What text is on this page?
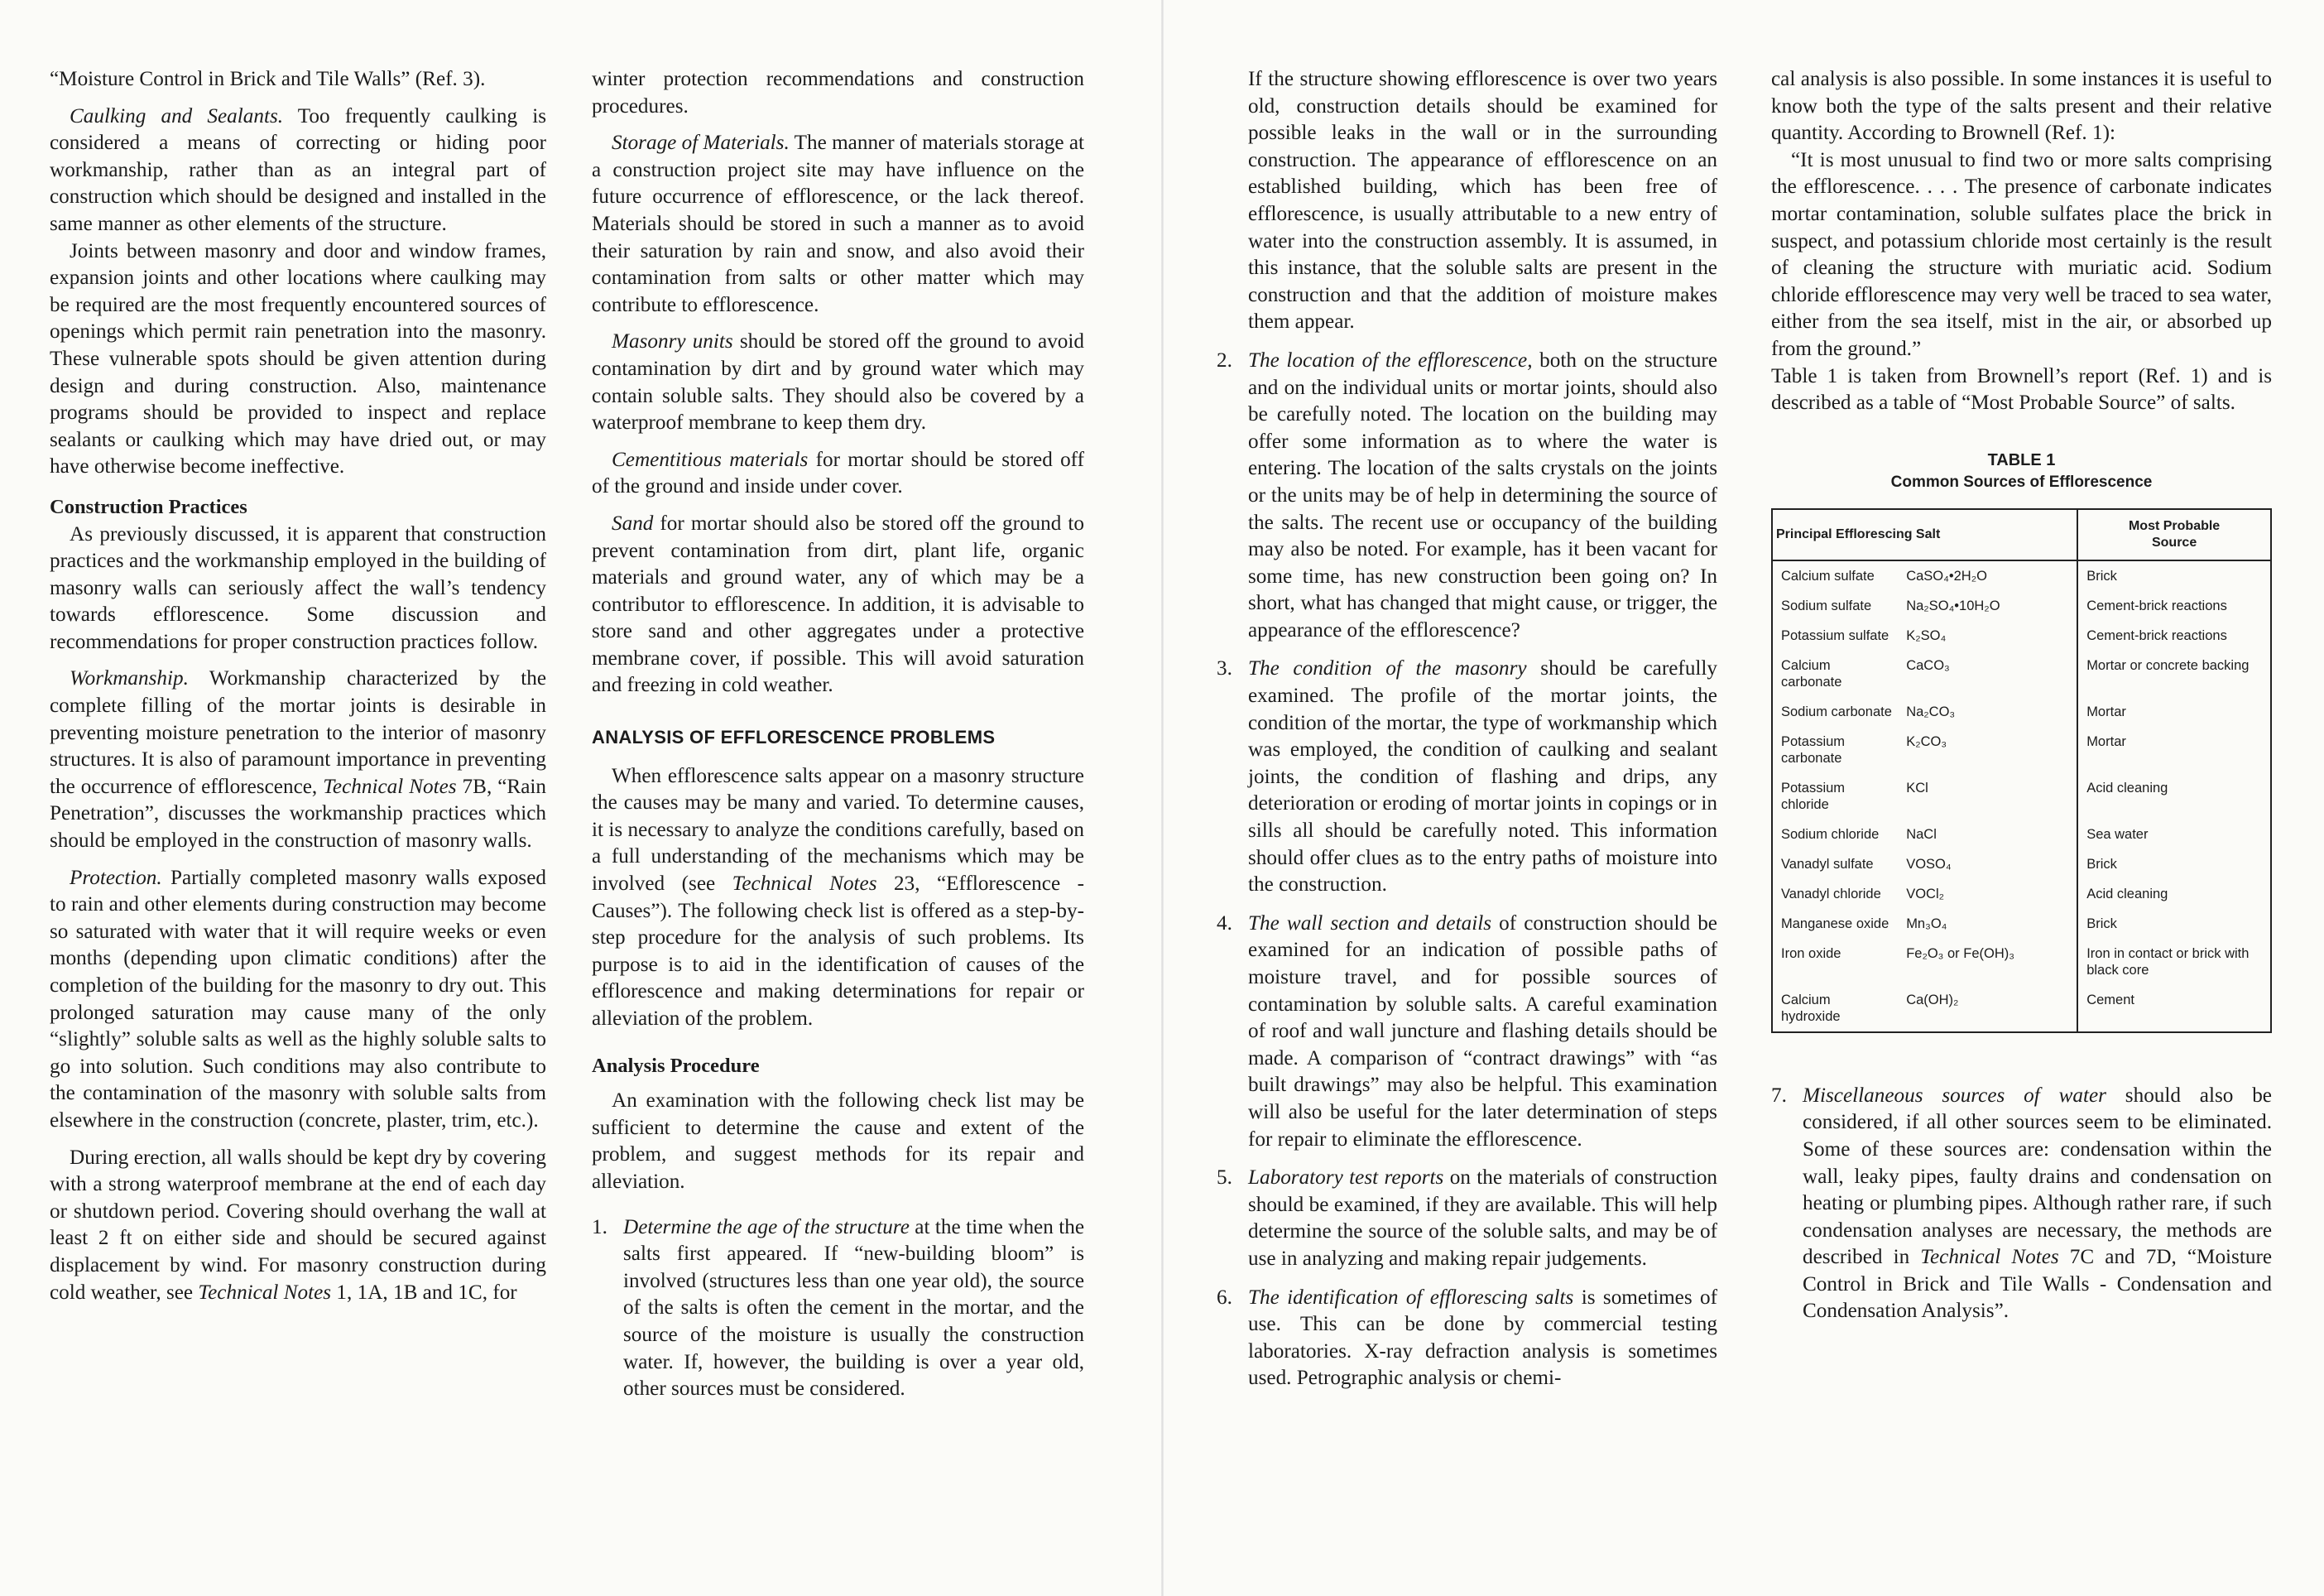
“Moisture Control in Brick and Tile Walls” (Ref. 3).

Caulking and Sealants. Too frequently caulking is considered a means of correcting or hiding poor workmanship, rather than as an integral part of construction which should be designed and installed in the same manner as other elements of the structure.

Joints between masonry and door and window frames, expansion joints and other locations where caulking may be required are the most frequently encountered sources of openings which permit rain penetration into the masonry. These vulnerable spots should be given attention during design and during construction. Also, maintenance programs should be provided to inspect and replace sealants or caulking which may have dried out, or may have otherwise become ineffective.

Construction Practices

As previously discussed, it is apparent that construction practices and the workmanship employed in the building of masonry walls can seriously affect the wall’s tendency towards efflorescence. Some discussion and recommendations for proper construction practices follow.

Workmanship. Workmanship characterized by the complete filling of the mortar joints is desirable in preventing moisture penetration to the interior of masonry structures. It is also of paramount importance in preventing the occurrence of efflorescence, Technical Notes 7B, “Rain Penetration”, discusses the workmanship practices which should be employed in the construction of masonry walls.

Protection. Partially completed masonry walls exposed to rain and other elements during construction may become so saturated with water that it will require weeks or even months (depending upon climatic conditions) after the completion of the building for the masonry to dry out. This prolonged saturation may cause many of the only “slightly” soluble salts as well as the highly soluble salts to go into solution. Such conditions may also contribute to the contamination of the masonry with soluble salts from elsewhere in the construction (concrete, plaster, trim, etc.).

During erection, all walls should be kept dry by covering with a strong waterproof membrane at the end of each day or shutdown period. Covering should overhang the wall at least 2 ft on either side and should be secured against displacement by wind. For masonry construction during cold weather, see Technical Notes 1, 1A, 1B and 1C, for

winter protection recommendations and construction procedures.

Storage of Materials. The manner of materials storage at a construction project site may have influence on the future occurrence of efflorescence, or the lack thereof. Materials should be stored in such a manner as to avoid their saturation by rain and snow, and also avoid their contamination from salts or other matter which may contribute to efflorescence.

Masonry units should be stored off the ground to avoid contamination by dirt and by ground water which may contain soluble salts. They should also be covered by a waterproof membrane to keep them dry.

Cementitious materials for mortar should be stored off of the ground and inside under cover.

Sand for mortar should also be stored off the ground to prevent contamination from dirt, plant life, organic materials and ground water, any of which may be a contributor to efflorescence. In addition, it is advisable to store sand and other aggregates under a protective membrane cover, if possible. This will avoid saturation and freezing in cold weather.

ANALYSIS OF EFFLORESCENCE PROBLEMS

When efflorescence salts appear on a masonry structure the causes may be many and varied. To determine causes, it is necessary to analyze the conditions carefully, based on a full understanding of the mechanisms which may be involved (see Technical Notes 23, “Efflorescence - Causes”). The following check list is offered as a step-by-step procedure for the analysis of such problems. Its purpose is to aid in the identification of causes of the efflorescence and making determinations for repair or alleviation of the problem.

Analysis Procedure

An examination with the following check list may be sufficient to determine the cause and extent of the problem, and suggest methods for its repair and alleviation.

1. Determine the age of the structure at the time when the salts first appeared. If “new-building bloom” is involved (structures less than one year old), the source of the salts is often the cement in the mortar, and the source of the moisture is usually the construction water. If, however, the building is over a year old, other sources must be considered.

If the structure showing efflorescence is over two years old, construction details should be examined for possible leaks in the wall or in the surrounding construction. The appearance of efflorescence on an established building, which has been free of efflorescence, is usually attributable to a new entry of water into the construction assembly. It is assumed, in this instance, that the soluble salts are present in the construction and that the addition of moisture makes them appear.

2. The location of the efflorescence, both on the structure and on the individual units or mortar joints, should also be carefully noted. The location on the building may offer some information as to where the water is entering. The location of the salts crystals on the joints or the units may be of help in determining the source of the salts. The recent use or occupancy of the building may also be noted. For example, has it been vacant for some time, has new construction been going on? In short, what has changed that might cause, or trigger, the appearance of the efflorescence?
3. The condition of the masonry should be carefully examined. The profile of the mortar joints, the condition of the mortar, the type of workmanship which was employed, the condition of caulking and sealant joints, the condition of flashing and drips, any deterioration or eroding of mortar joints in copings or in sills all should be carefully noted. This information should offer clues as to the entry paths of moisture into the construction.
4. The wall section and details of construction should be examined for an indication of possible paths of moisture travel, and for possible sources of contamination by soluble salts. A careful examination of roof and wall juncture and flashing details should be made. A comparison of “contract drawings” with “as built drawings” may also be helpful. This examination will also be useful for the later determination of steps for repair to eliminate the efflorescence.
5. Laboratory test reports on the materials of construction should be examined, if they are available. This will help determine the source of the soluble salts, and may be of use in analyzing and making repair judgements.
6. The identification of efflorescing salts is sometimes of use. This can be done by commercial testing laboratories. X-ray defraction analysis is sometimes used. Petrographic analysis or chemi-

cal analysis is also possible. In some instances it is useful to know both the type of the salts present and their relative quantity. According to Brownell (Ref. 1):

“It is most unusual to find two or more salts comprising the efflorescence. . . . The presence of carbonate indicates mortar contamination, soluble sulfates place the brick in suspect, and potassium chloride most certainly is the result of cleaning the structure with muriatic acid. Sodium chloride efflorescence may very well be traced to sea water, either from the sea itself, mist in the air, or absorbed up from the ground.”

Table 1 is taken from Brownell’s report (Ref. 1) and is described as a table of “Most Probable Source” of salts.

TABLE 1

Common Sources of Efflorescence

Principal Efflorescing Salt		Most Probable
Source
Calcium sulfate	CaSO₄•2H₂O	Brick
Sodium sulfate	Na₂SO₄•10H₂O	Cement-brick reactions
Potassium sulfate	K₂SO₄	Cement-brick reactions
Calcium carbonate	CaCO₃	Mortar or concrete backing
Sodium carbonate	Na₂CO₃	Mortar
Potassium carbonate	K₂CO₃	Mortar
Potassium chloride	KCl	Acid cleaning
Sodium chloride	NaCl	Sea water
Vanadyl sulfate	VOSO₄	Brick
Vanadyl chloride	VOCl₂	Acid cleaning
Manganese oxide	Mn₃O₄	Brick
Iron oxide	Fe₂O₃ or Fe(OH)₃	Iron in contact or brick with black core
Calcium hydroxide	Ca(OH)₂	Cement
7. Miscellaneous sources of water should also be considered, if all other sources seem to be eliminated. Some of these sources are: condensation within the wall, leaky pipes, faulty drains and condensation on heating or plumbing pipes. Although rather rare, if such condensation analyses are necessary, the methods are described in Technical Notes 7C and 7D, “Moisture Control in Brick and Tile Walls - Condensation and Condensation Analysis”.
